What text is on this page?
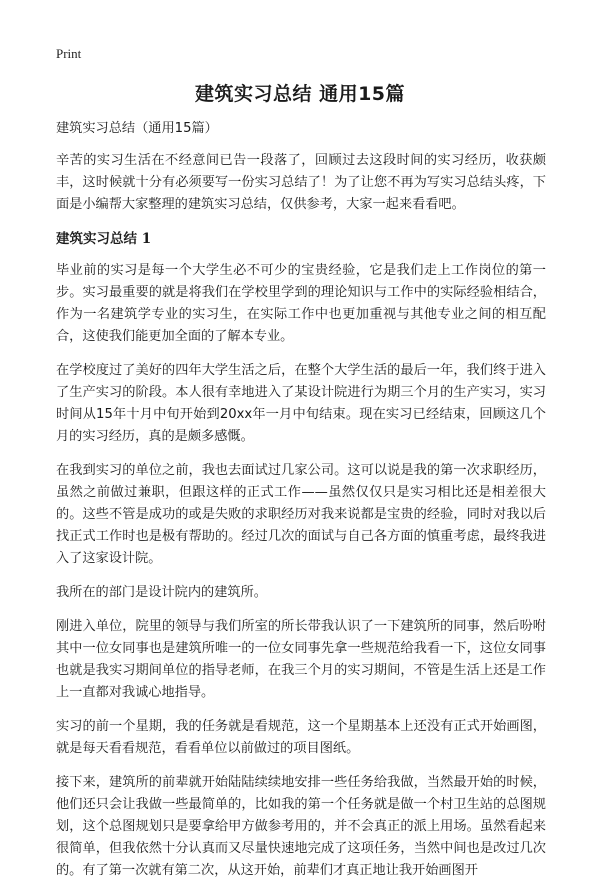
Print
建筑实习总结 通用15篇

建筑实习总结（通用15篇）

辛苦的实习生活在不经意间已告一段落了，回顾过去这段时间的实习经历，收获颇丰，这时候就十分有必须要写一份实习总结了！为了让您不再为写实习总结头疼，下面是小编帮大家整理的建筑实习总结，仅供参考，大家一起来看看吧。

建筑实习总结 1

毕业前的实习是每一个大学生必不可少的宝贵经验，它是我们走上工作岗位的第一步。实习最重要的就是将我们在学校里学到的理论知识与工作中的实际经验相结合，作为一名建筑学专业的实习生，在实际工作中也更加重视与其他专业之间的相互配合，这使我们能更加全面的了解本专业。

在学校度过了美好的四年大学生活之后，在整个大学生活的最后一年，我们终于进入了生产实习的阶段。本人很有幸地进入了某设计院进行为期三个月的生产实习，实习时间从15年十月中旬开始到20xx年一月中旬结束。现在实习已经结束，回顾这几个月的实习经历，真的是颇多感慨。

在我到实习的单位之前，我也去面试过几家公司。这可以说是我的第一次求职经历，虽然之前做过兼职，但跟这样的正式工作——虽然仅仅只是实习相比还是相差很大的。这些不管是成功的或是失败的求职经历对我来说都是宝贵的经验，同时对我以后找正式工作时也是极有帮助的。经过几次的面试与自己各方面的慎重考虑，最终我进入了这家设计院。

我所在的部门是设计院内的建筑所。

刚进入单位，院里的领导与我们所室的所长带我认识了一下建筑所的同事，然后吩咐其中一位女同事也是建筑所唯一的一位女同事先拿一些规范给我看一下，这位女同事也就是我实习期间单位的指导老师，在我三个月的实习期间，不管是生活上还是工作上一直都对我诚心地指导。

实习的前一个星期，我的任务就是看规范，这一个星期基本上还没有正式开始画图，就是每天看看规范，看看单位以前做过的项目图纸。

接下来，建筑所的前辈就开始陆陆续续地安排一些任务给我做，当然最开始的时候，他们还只会让我做一些最简单的，比如我的第一个任务就是做一个村卫生站的总图规划，这个总图规划只是要拿给甲方做参考用的，并不会真正的派上用场。虽然看起来很简单，但我依然十分认真而又尽量快速地完成了这项任务，当然中间也是改过几次的。有了第一次就有第二次，从这开始，前辈们才真正地让我开始画图开
